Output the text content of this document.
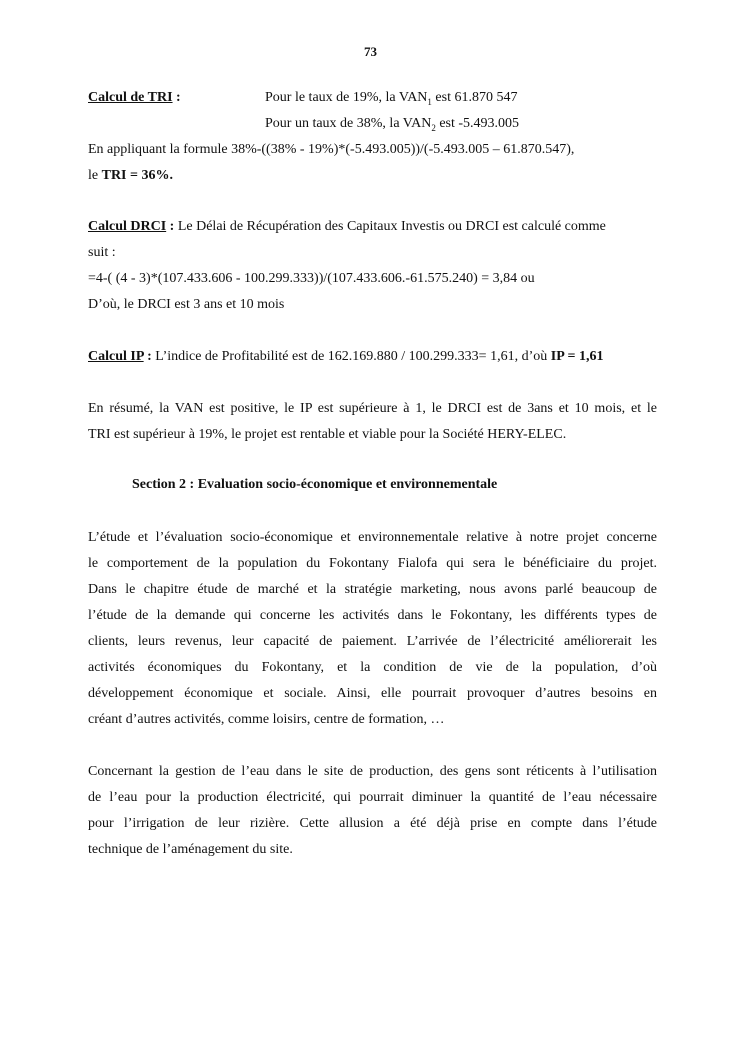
73
Calcul de TRI :	Pour le taux de 19%, la $VAN_1$ est 61.870 547
Pour un taux de 38%, la $VAN_2$ est -5.493.005
En appliquant la formule 38%-((38% - 19%)*(-5.493.005))/(-5.493.005 – 61.870.547),
le TRI = 36%.
Calcul DRCI : Le Délai de Récupération des Capitaux Investis ou DRCI est calculé comme
suit :
=4-( (4 - 3)*(107.433.606 - 100.299.333))/(107.433.606.-61.575.240) = 3,84 ou
D’où, le DRCI est 3 ans et 10 mois
Calcul IP : L’indice de Profitabilité est de 162.169.880 / 100.299.333= 1,61, d’où IP = 1,61
En résumé, la VAN est positive, le IP est supérieure à 1, le DRCI est de 3ans et 10 mois, et le
TRI est supérieur à 19%, le projet est rentable et viable pour la Société HERY-ELEC.
Section 2 : Evaluation socio-économique et environnementale
L’étude et l’évaluation socio-économique et environnementale relative à notre projet concerne
le comportement de la population du Fokontany Fialofa qui sera le bénéficiaire du projet.
Dans le chapitre étude de marché et la stratégie marketing, nous avons parlé beaucoup de
l’étude de la demande qui concerne les activités dans le Fokontany, les différents types de
clients, leurs revenus, leur capacité de paiement. L’arrivée de l’électricité améliorerait les
activités économiques du Fokontany, et la condition de vie de la population, d’où
développement économique et sociale. Ainsi, elle pourrait provoquer d’autres besoins en
créant d’autres activités, comme loisirs, centre de formation, …
Concernant la gestion de l’eau dans le site de production, des gens sont réticents à l’utilisation
de l’eau pour la production électricité, qui pourrait diminuer la quantité de l’eau nécessaire
pour l’irrigation de leur rizière. Cette allusion a été déjà prise en compte dans l’étude
technique de l’aménagement du site.
